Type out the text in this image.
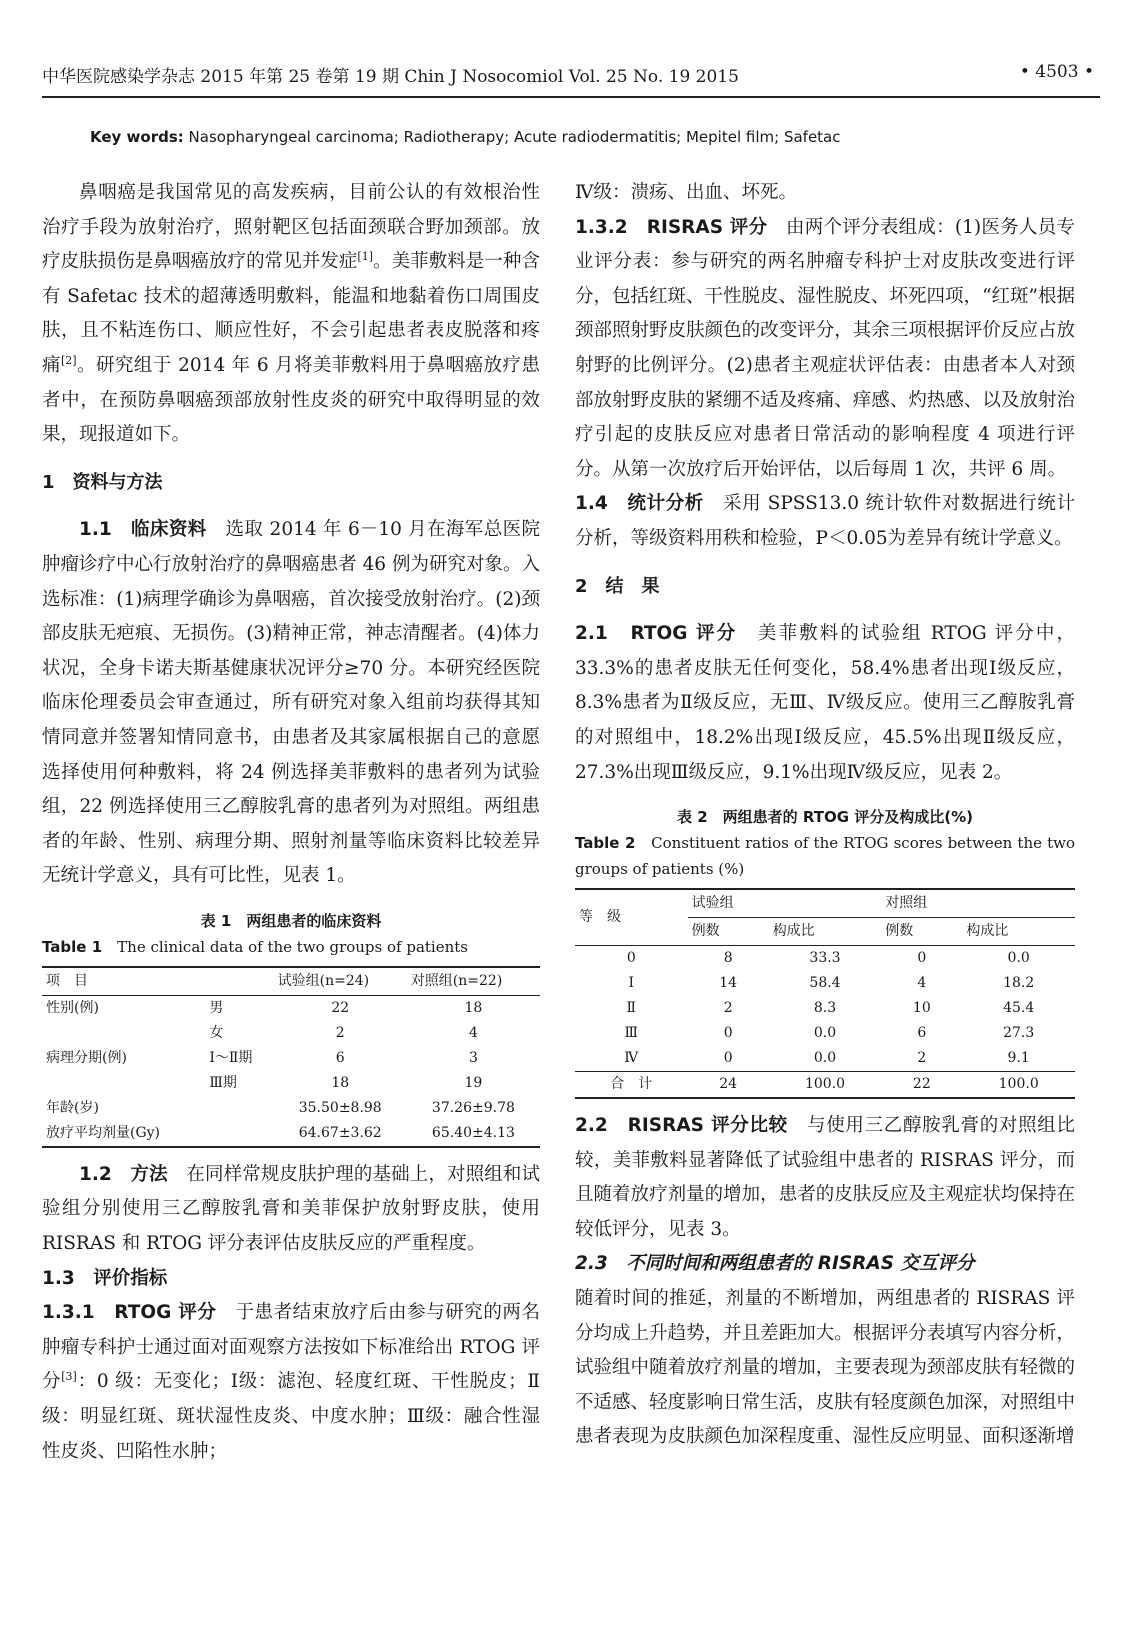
中华医院感染学杂志 2015 年第 25 卷第 19 期 Chin J Nosocomiol Vol. 25 No. 19 2015	• 4503 •
Key words: Nasopharyngeal carcinoma; Radiotherapy; Acute radiodermatitis; Mepitel film; Safetac

鼻咽癌是我国常见的高发疾病，目前公认的有效根治性治疗手段为放射治疗，照射靶区包括面颈联合野加颈部。放疗皮肤损伤是鼻咽癌放疗的常见并发症[1]。美菲敷料是一种含有 Safetac 技术的超薄透明敷料，能温和地黏着伤口周围皮肤，且不粘连伤口、顺应性好，不会引起患者表皮脱落和疼痛[2]。研究组于 2014 年 6 月将美菲敷料用于鼻咽癌放疗患者中，在预防鼻咽癌颈部放射性皮炎的研究中取得明显的效果，现报道如下。

1　资料与方法

1.1　临床资料　 选取 2014 年 6－10 月在海军总医院肿瘤诊疗中心行放射治疗的鼻咽癌患者 46 例为研究对象。入选标准：(1)病理学确诊为鼻咽癌，首次接受放射治疗。(2)颈部皮肤无疤痕、无损伤。(3)精神正常，神志清醒者。(4)体力状况，全身卡诺夫斯基健康状况评分≥70 分。本研究经医院临床伦理委员会审查通过，所有研究对象入组前均获得其知情同意并签署知情同意书，由患者及其家属根据自己的意愿选择使用何种敷料，将 24 例选择美菲敷料的患者列为试验组，22 例选择使用三乙醇胺乳膏的患者列为对照组。两组患者的年龄、性别、病理分期、照射剂量等临床资料比较差异无统计学意义，具有可比性，见表 1。

表 1　两组患者的临床资料
Table 1　 The clinical data of the two groups of patients
项　目		试验组(n=24)	对照组(n=22)
性别(例)	男	22	18
	女	2	4
病理分期(例)	Ⅰ～Ⅱ期	6	3
	Ⅲ期	18	19
年龄(岁)		35.50±8.98	37.26±9.78
放疗平均剂量(Gy)		64.67±3.62	65.40±4.13

1.2　方法　 在同样常规皮肤护理的基础上，对照组和试验组分别使用三乙醇胺乳膏和美菲保护放射野皮肤，使用 RISRAS 和 RTOG 评分表评估皮肤反应的严重程度。

1.3　评价指标

1.3.1　RTOG 评分　 于患者结束放疗后由参与研究的两名肿瘤专科护士通过面对面观察方法按如下标准给出 RTOG 评分[3]：0 级：无变化；Ⅰ级：滤泡、轻度红斑、干性脱皮；Ⅱ级：明显红斑、斑状湿性皮炎、中度水肿；Ⅲ级：融合性湿性皮炎、凹陷性水肿；

Ⅳ级：溃疡、出血、坏死。

1.3.2　RISRAS 评分　 由两个评分表组成：(1)医务人员专业评分表：参与研究的两名肿瘤专科护士对皮肤改变进行评分，包括红斑、干性脱皮、湿性脱皮、坏死四项，“红斑”根据颈部照射野皮肤颜色的改变评分，其余三项根据评价反应占放射野的比例评分。(2)患者主观症状评估表：由患者本人对颈部放射野皮肤的紧绷不适及疼痛、痒感、灼热感、以及放射治疗引起的皮肤反应对患者日常活动的影响程度 4 项进行评分。从第一次放疗后开始评估，以后每周 1 次，共评 6 周。

1.4　统计分析　 采用 SPSS13.0 统计软件对数据进行统计分析，等级资料用秩和检验，P＜0.05为差异有统计学意义。

2　结　果

2.1　RTOG 评分　 美菲敷料的试验组 RTOG 评分中，33.3%的患者皮肤无任何变化，58.4%患者出现Ⅰ级反应，8.3%患者为Ⅱ级反应，无Ⅲ、Ⅳ级反应。使用三乙醇胺乳膏的对照组中，18.2%出现Ⅰ级反应，45.5%出现Ⅱ级反应，27.3%出现Ⅲ级反应，9.1%出现Ⅳ级反应，见表 2。

表 2　两组患者的 RTOG 评分及构成比(%)
Table 2　 Constituent ratios of the RTOG scores between the two groups of patients (%)
等　级	试验组		对照组	
	例数	构成比	例数	构成比
0	8	33.3	0	0.0
Ⅰ	14	58.4	4	18.2
Ⅱ	2	8.3	10	45.4
Ⅲ	0	0.0	6	27.3
Ⅳ	0	0.0	2	9.1
合　计	24	100.0	22	100.0

2.2　RISRAS 评分比较　 与使用三乙醇胺乳膏的对照组比较，美菲敷料显著降低了试验组中患者的 RISRAS 评分，而且随着放疗剂量的增加，患者的皮肤反应及主观症状均保持在较低评分，见表 3。

2.3　不同时间和两组患者的 RISRAS 交互评分
随着时间的推延，剂量的不断增加，两组患者的 RISRAS 评分均成上升趋势，并且差距加大。根据评分表填写内容分析，试验组中随着放疗剂量的增加，主要表现为颈部皮肤有轻微的不适感、轻度影响日常生活，皮肤有轻度颜色加深，对照组中患者表现为皮肤颜色加深程度重、湿性反应明显、面积逐渐增
